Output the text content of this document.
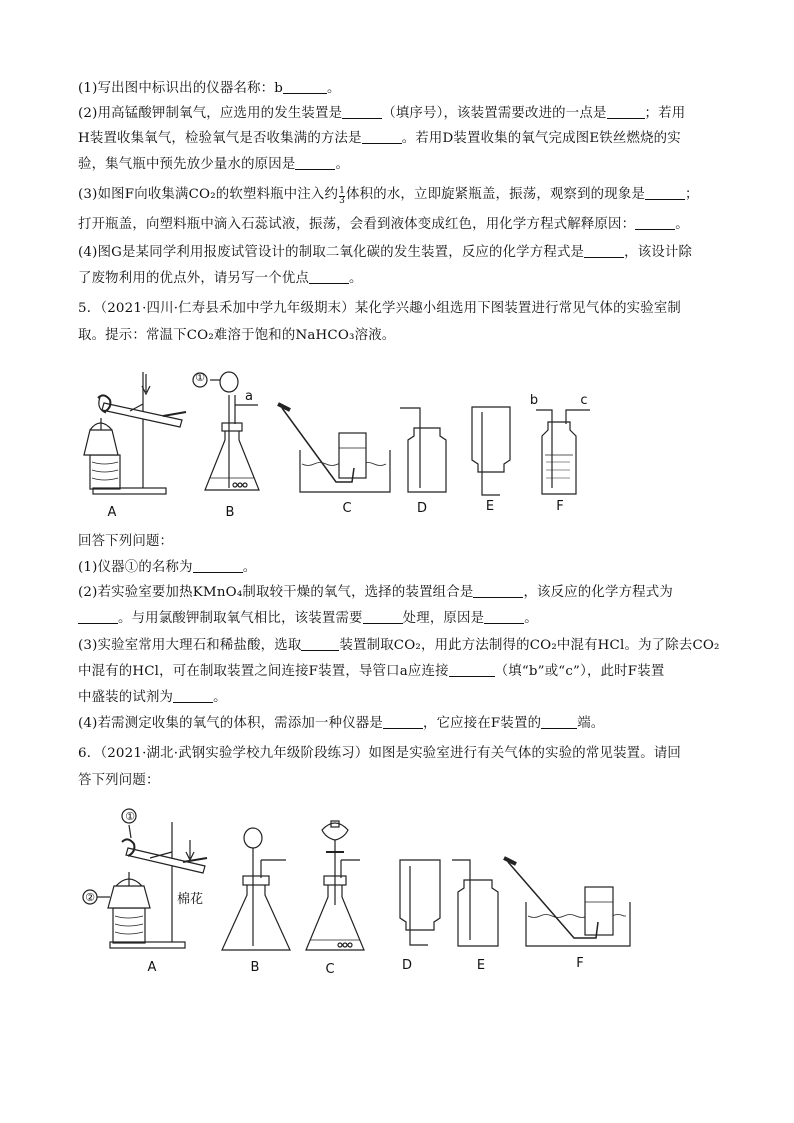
(1)写出图中标识出的仪器名称：b	。
(2)用高锰酸钾制氧气，应选用的发生装置是	（填序号），该装置需要改进的一点是	；若用
H装置收集氧气，检验氧气是否收集满的方法是	。若用D装置收集的氧气完成图E铁丝燃烧的实
验，集气瓶中预先放少量水的原因是	。
(3)如图F向收集满CO₂的软塑料瓶中注入约 $\frac{1}{3}$ 体积的水，立即旋紧瓶盖，振荡，观察到的现象是	；
打开瓶盖，向塑料瓶中滴入石蕊试液，振荡，会看到液体变成红色，用化学方程式解释原因：	。
(4)图G是某同学利用报废试管设计的制取二氧化碳的发生装置，反应的化学方程式是	，该设计除
了废物利用的优点外，请另写一个优点	。
5．（2021·四川·仁寿县禾加中学九年级期末）某化学兴趣小组选用下图装置进行常见气体的实验室制
取。提示：常温下CO₂难溶于饱和的NaHCO₃溶液。
A	B	C	D	E	F
①
a	b	c
回答下列问题：
(1)仪器①的名称为	。
(2)若实验室要加热KMnO₄制取较干燥的氧气，选择的装置组合是	，该反应的化学方程式为
。与用氯酸钾制取氧气相比，该装置需要	处理，原因是	。
(3)实验室常用大理石和稀盐酸，选取	装置制取CO₂，用此方法制得的CO₂中混有HCl。为了除去CO₂
中混有的HCl，可在制取装置之间连接F装置，导管口a应连接	（填“b”或“c”），此时F装置
中盛装的试剂为	。
(4)若需测定收集的氧气的体积，需添加一种仪器是	，它应接在F装置的	端。
6．（2021·湖北·武钢实验学校九年级阶段练习）如图是实验室进行有关气体的实验的常见装置。请回
答下列问题：
①
②	棉花
A	B	C	D	E	F
